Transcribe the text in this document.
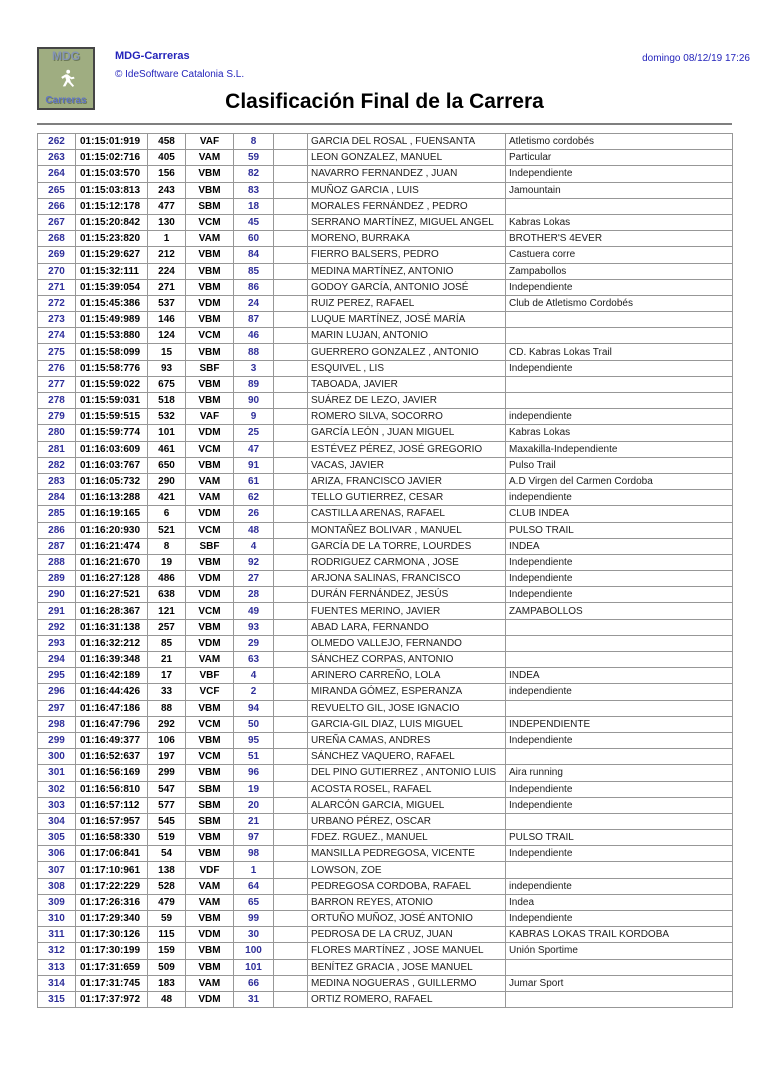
MDG
Carreras
MDG-Carreras
© IdeSoftware Catalonia S.L.
domingo 08/12/19 17:26
Clasificación Final de la Carrera
262	01:15:01:919	458	VAF	8		GARCIA DEL ROSAL , FUENSANTA	Atletismo cordobés
263	01:15:02:716	405	VAM	59		LEON GONZALEZ, MANUEL	Particular
264	01:15:03:570	156	VBM	82		NAVARRO FERNANDEZ , JUAN	Independiente
265	01:15:03:813	243	VBM	83		MUÑOZ GARCIA , LUIS	Jamountain
266	01:15:12:178	477	SBM	18		MORALES FERNÁNDEZ , PEDRO	
267	01:15:20:842	130	VCM	45		SERRANO MARTÍNEZ, MIGUEL ANGEL	Kabras Lokas
268	01:15:23:820	1	VAM	60		MORENO, BURRAKA	BROTHER'S 4EVER
269	01:15:29:627	212	VBM	84		FIERRO BALSERS, PEDRO	Castuera corre
270	01:15:32:111	224	VBM	85		MEDINA MARTÍNEZ, ANTONIO	Zampabollos
271	01:15:39:054	271	VBM	86		GODOY GARCÍA, ANTONIO JOSÉ	Independiente
272	01:15:45:386	537	VDM	24		RUIZ PEREZ, RAFAEL	Club de Atletismo Cordobés
273	01:15:49:989	146	VBM	87		LUQUE MARTÍNEZ, JOSÉ MARÍA	
274	01:15:53:880	124	VCM	46		MARIN LUJAN, ANTONIO	
275	01:15:58:099	15	VBM	88		GUERRERO GONZALEZ , ANTONIO	CD. Kabras Lokas Trail
276	01:15:58:776	93	SBF	3		ESQUIVEL , LIS	Independiente
277	01:15:59:022	675	VBM	89		TABOADA, JAVIER	
278	01:15:59:031	518	VBM	90		SUÁREZ DE LEZO, JAVIER	
279	01:15:59:515	532	VAF	9		ROMERO SILVA, SOCORRO	independiente
280	01:15:59:774	101	VDM	25		GARCÍA LEÓN , JUAN MIGUEL	Kabras Lokas
281	01:16:03:609	461	VCM	47		ESTÉVEZ PÉREZ, JOSÉ GREGORIO	Maxakilla-Independiente
282	01:16:03:767	650	VBM	91		VACAS, JAVIER	Pulso Trail
283	01:16:05:732	290	VAM	61		ARIZA, FRANCISCO JAVIER	A.D Virgen del Carmen Cordoba
284	01:16:13:288	421	VAM	62		TELLO GUTIERREZ, CESAR	independiente
285	01:16:19:165	6	VDM	26		CASTILLA ARENAS, RAFAEL	CLUB INDEA
286	01:16:20:930	521	VCM	48		MONTAÑEZ BOLIVAR , MANUEL	PULSO TRAIL
287	01:16:21:474	8	SBF	4		GARCÍA DE LA TORRE, LOURDES	INDEA
288	01:16:21:670	19	VBM	92		RODRIGUEZ CARMONA , JOSE	Independiente
289	01:16:27:128	486	VDM	27		ARJONA SALINAS, FRANCISCO	Independiente
290	01:16:27:521	638	VDM	28		DURÁN FERNÁNDEZ, JESÚS	Independiente
291	01:16:28:367	121	VCM	49		FUENTES MERINO, JAVIER	ZAMPABOLLOS
292	01:16:31:138	257	VBM	93		ABAD LARA, FERNANDO	
293	01:16:32:212	85	VDM	29		OLMEDO VALLEJO, FERNANDO	
294	01:16:39:348	21	VAM	63		SÁNCHEZ CORPAS, ANTONIO	
295	01:16:42:189	17	VBF	4		ARINERO CARREÑO, LOLA	INDEA
296	01:16:44:426	33	VCF	2		MIRANDA GÓMEZ, ESPERANZA	independiente
297	01:16:47:186	88	VBM	94		REVUELTO GIL, JOSE IGNACIO	
298	01:16:47:796	292	VCM	50		GARCIA-GIL DIAZ, LUIS MIGUEL	INDEPENDIENTE
299	01:16:49:377	106	VBM	95		UREÑA CAMAS, ANDRES	Independiente
300	01:16:52:637	197	VCM	51		SÁNCHEZ VAQUERO, RAFAEL	
301	01:16:56:169	299	VBM	96		DEL PINO GUTIERREZ , ANTONIO LUIS	Aira running
302	01:16:56:810	547	SBM	19		ACOSTA ROSEL, RAFAEL	Independiente
303	01:16:57:112	577	SBM	20		ALARCÓN GARCIA, MIGUEL	Independiente
304	01:16:57:957	545	SBM	21		URBANO PÉREZ, OSCAR	
305	01:16:58:330	519	VBM	97		FDEZ. RGUEZ., MANUEL	PULSO TRAIL
306	01:17:06:841	54	VBM	98		MANSILLA PEDREGOSA, VICENTE	Independiente
307	01:17:10:961	138	VDF	1		LOWSON, ZOE	
308	01:17:22:229	528	VAM	64		PEDREGOSA CORDOBA, RAFAEL	independiente
309	01:17:26:316	479	VAM	65		BARRON REYES, ATONIO	Indea
310	01:17:29:340	59	VBM	99		ORTUÑO MUÑOZ, JOSÉ ANTONIO	Independiente
311	01:17:30:126	115	VDM	30		PEDROSA DE LA CRUZ, JUAN	KABRAS LOKAS TRAIL KORDOBA
312	01:17:30:199	159	VBM	100		FLORES MARTÍNEZ , JOSE MANUEL	Unión Sportime
313	01:17:31:659	509	VBM	101		BENÍTEZ GRACIA , JOSE MANUEL	
314	01:17:31:745	183	VAM	66		MEDINA NOGUERAS , GUILLERMO	Jumar Sport
315	01:17:37:972	48	VDM	31		ORTIZ ROMERO, RAFAEL	
